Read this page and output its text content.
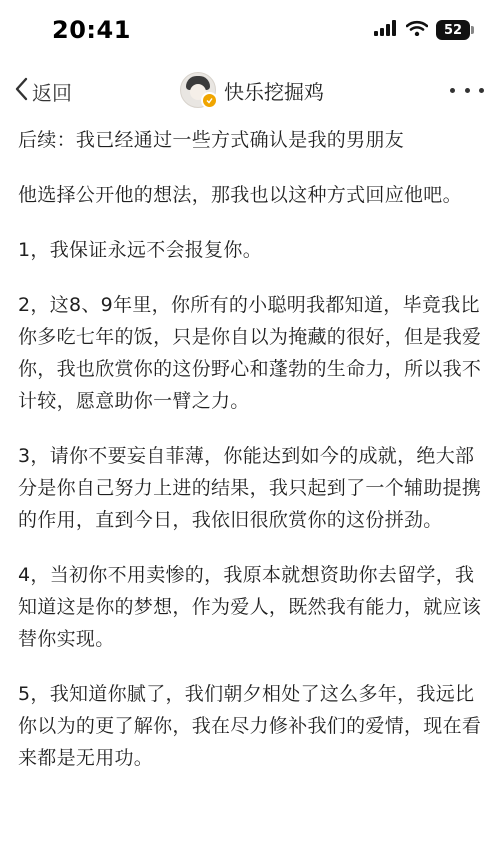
20:41	52
返回	快乐挖掘鸡

后续：我已经通过一些方式确认是我的男朋友

他选择公开他的想法，那我也以这种方式回应他吧。

1，我保证永远不会报复你。

2，这8、9年里，你所有的小聪明我都知道，毕竟我比你多吃七年的饭，只是你自以为掩藏的很好，但是我爱你，我也欣赏你的这份野心和蓬勃的生命力，所以我不计较，愿意助你一臂之力。

3，请你不要妄自菲薄，你能达到如今的成就，绝大部分是你自己努力上进的结果，我只起到了一个辅助提携的作用，直到今日，我依旧很欣赏你的这份拼劲。

4，当初你不用卖惨的，我原本就想资助你去留学，我知道这是你的梦想，作为爱人，既然我有能力，就应该替你实现。

5，我知道你腻了，我们朝夕相处了这么多年，我远比你以为的更了解你，我在尽力修补我们的爱情，现在看来都是无用功。
